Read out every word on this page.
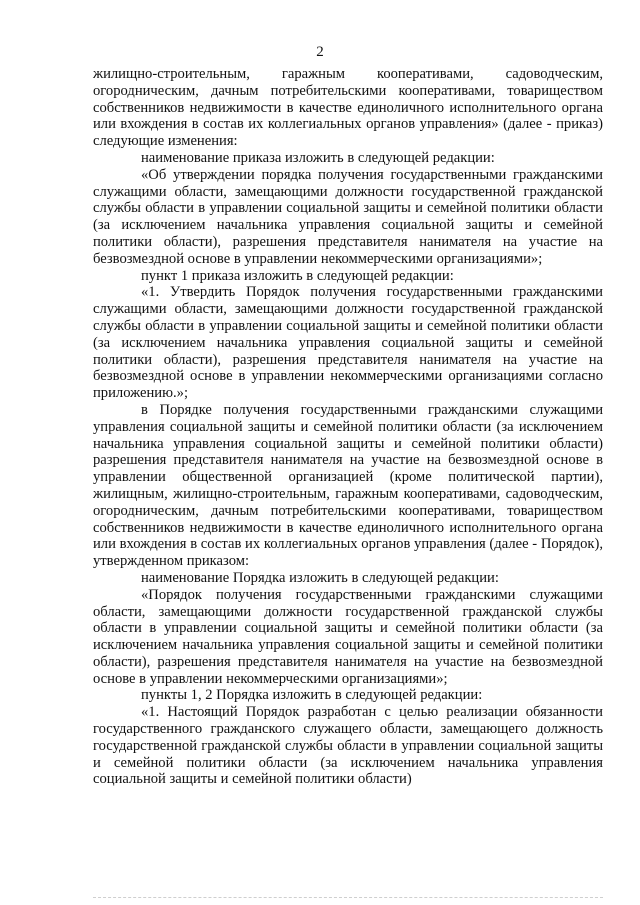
2

жилищно-строительным, гаражным кооперативами, садоводческим, огородническим, дачным потребительскими кооперативами, товариществом собственников недвижимости в качестве единоличного исполнительного органа или вхождения в состав их коллегиальных органов управления» (далее - приказ) следующие изменения:

наименование приказа изложить в следующей редакции:

«Об утверждении порядка получения государственными гражданскими служащими области, замещающими должности государственной гражданской службы области в управлении социальной защиты и семейной политики области (за исключением начальника управления социальной защиты и семейной политики области), разрешения представителя нанимателя на участие на безвозмездной основе в управлении некоммерческими организациями»;

пункт 1 приказа изложить в следующей редакции:

«1. Утвердить Порядок получения государственными гражданскими служащими области, замещающими должности государственной гражданской службы области в управлении социальной защиты и семейной политики области (за исключением начальника управления социальной защиты и семейной политики области), разрешения представителя нанимателя на участие на безвозмездной основе в управлении некоммерческими организациями согласно приложению.»;

в Порядке получения государственными гражданскими служащими управления социальной защиты и семейной политики области (за исключением начальника управления социальной защиты и семейной политики области) разрешения представителя нанимателя на участие на безвозмездной основе в управлении общественной организацией (кроме политической партии), жилищным, жилищно-строительным, гаражным кооперативами, садоводческим, огородническим, дачным потребительскими кооперативами, товариществом собственников недвижимости в качестве единоличного исполнительного органа или вхождения в состав их коллегиальных органов управления (далее - Порядок), утвержденном приказом:

наименование Порядка изложить в следующей редакции:

«Порядок получения государственными гражданскими служащими области, замещающими должности государственной гражданской службы области в управлении социальной защиты и семейной политики области (за исключением начальника управления социальной защиты и семейной политики области), разрешения представителя нанимателя на участие на безвозмездной основе в управлении некоммерческими организациями»;

пункты 1, 2 Порядка изложить в следующей редакции:

«1. Настоящий Порядок разработан с целью реализации обязанности государственного гражданского служащего области, замещающего должность государственной гражданской службы области в управлении социальной защиты и семейной политики области (за исключением начальника управления социальной защиты и семейной политики области)
